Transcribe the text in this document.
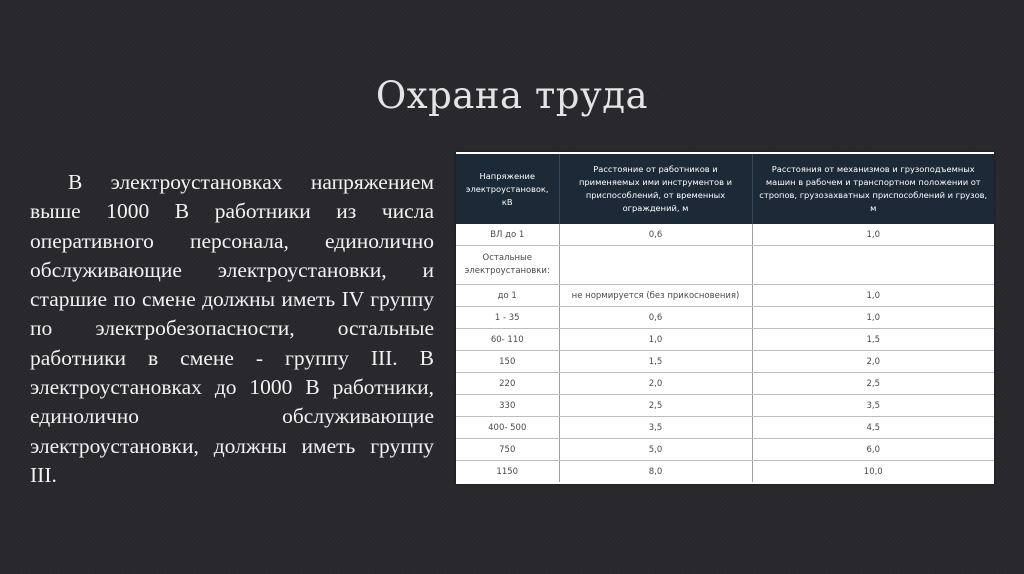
Охрана труда

В электроустановках напряжением выше 1000 В работники из числа оперативного персонала, единолично обслуживающие электроустановки, и старшие по смене должны иметь IV группу по электробезопасности, остальные работники в смене - группу III. В электроустановках до 1000 В работники, единолично обслуживающие электроустановки, должны иметь группу III.

Напряжение электроустановок, кВ	Расстояние от работников и применяемых ими инструментов и приспособлений, от временных ограждений, м	Расстояния от механизмов и грузоподъемных машин в рабочем и транспортном положении от стропов, грузозахватных приспособлений и грузов, м
ВЛ до 1	0,6	1,0
Остальные электроустановки:		
до 1	не нормируется (без прикосновения)	1,0
1 - 35	0,6	1,0
60- 110	1,0	1,5
150	1,5	2,0
220	2,0	2,5
330	2,5	3,5
400- 500	3,5	4,5
750	5,0	6,0
1150	8,0	10,0
